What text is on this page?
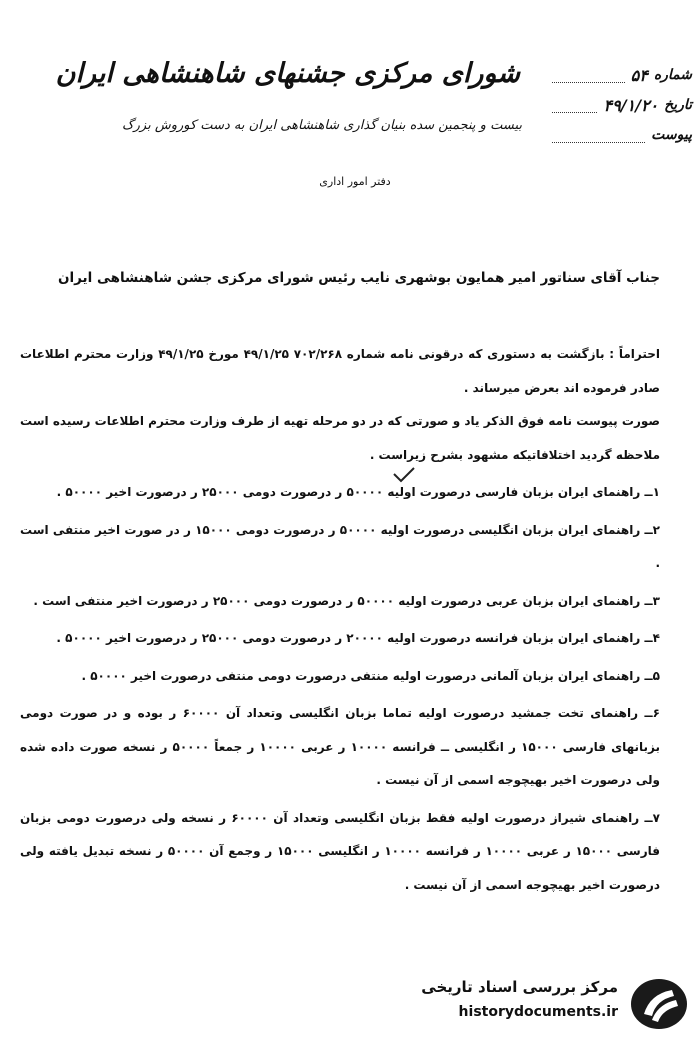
شورای مرکزی جشنهای شاهنشاهی ایران
بیست و پنجمین سده بنیان گذاری شاهنشاهی ایران به دست کوروش بزرگ
دفتر امور اداری
شماره
۵۴
تاریخ
۴۹/۱/۲۰
پیوست
جناب آقای سناتور امیر همایون بوشهری نایب رئیس شورای مرکزی جشن شاهنشاهی ایران

احتراماً : بازگشت به دستوری که درقونی نامه شماره ۷۰۲/۲۶۸ ۴۹/۱/۲۵ مورخ ۴۹/۱/۲۵ وزارت محترم اطلاعات صادر فرموده اند بعرض میرساند .

صورت پیوست نامه فوق الذکر یاد و صورتی که در دو مرحله تهیه از طرف وزارت محترم اطلاعات رسیده است ملاحظه گردید اختلافاتیکه مشهود بشرح زیراست .

۱ــ راهنمای ایران بزبان فارسی درصورت اولیه ۵۰۰۰۰ ر درصورت دومی ۲۵۰۰۰ ر درصورت اخیر ۵۰۰۰۰ .

۲ــ راهنمای ایران بزبان انگلیسی درصورت اولیه ۵۰۰۰۰ ر درصورت دومی ۱۵۰۰۰ ر در صورت اخیر منتفی است .

۳ــ راهنمای ایران بزبان عربی درصورت اولیه ۵۰۰۰۰ ر درصورت دومی ۲۵۰۰۰ ر درصورت اخیر منتفی است .

۴ــ راهنمای ایران بزبان فرانسه درصورت اولیه ۲۰۰۰۰ ر درصورت دومی ۲۵۰۰۰ ر درصورت اخیر ۵۰۰۰۰ .

۵ــ راهنمای ایران بزبان آلمانی درصورت اولیه منتفی درصورت دومی منتفی درصورت اخیر ۵۰۰۰۰ .

۶ــ راهنمای تخت جمشید درصورت اولیه تماما بزبان انگلیسی وتعداد آن ۶۰۰۰۰ ر بوده و در صورت دومی بزبانهای فارسی ۱۵۰۰۰ ر انگلیسی ــ فرانسه ۱۰۰۰۰ ر عربی ۱۰۰۰۰ ر جمعاً ۵۰۰۰۰ ر نسخه صورت داده شده ولی درصورت اخیر بهیچوجه اسمی از آن نیست .

۷ــ راهنمای شیراز درصورت اولیه فقط بزبان انگلیسی وتعداد آن ۶۰۰۰۰ ر نسخه ولی درصورت دومی بزبان فارسی ۱۵۰۰۰ ر عربی ۱۰۰۰۰ ر فرانسه ۱۰۰۰۰ ر انگلیسی ۱۵۰۰۰ ر وجمع آن ۵۰۰۰۰ ر نسخه تبدیل یافته ولی درصورت اخیر بهیچوجه اسمی از آن نیست .

مرکز بررسی اسناد تاریخی
historydocuments.ir
